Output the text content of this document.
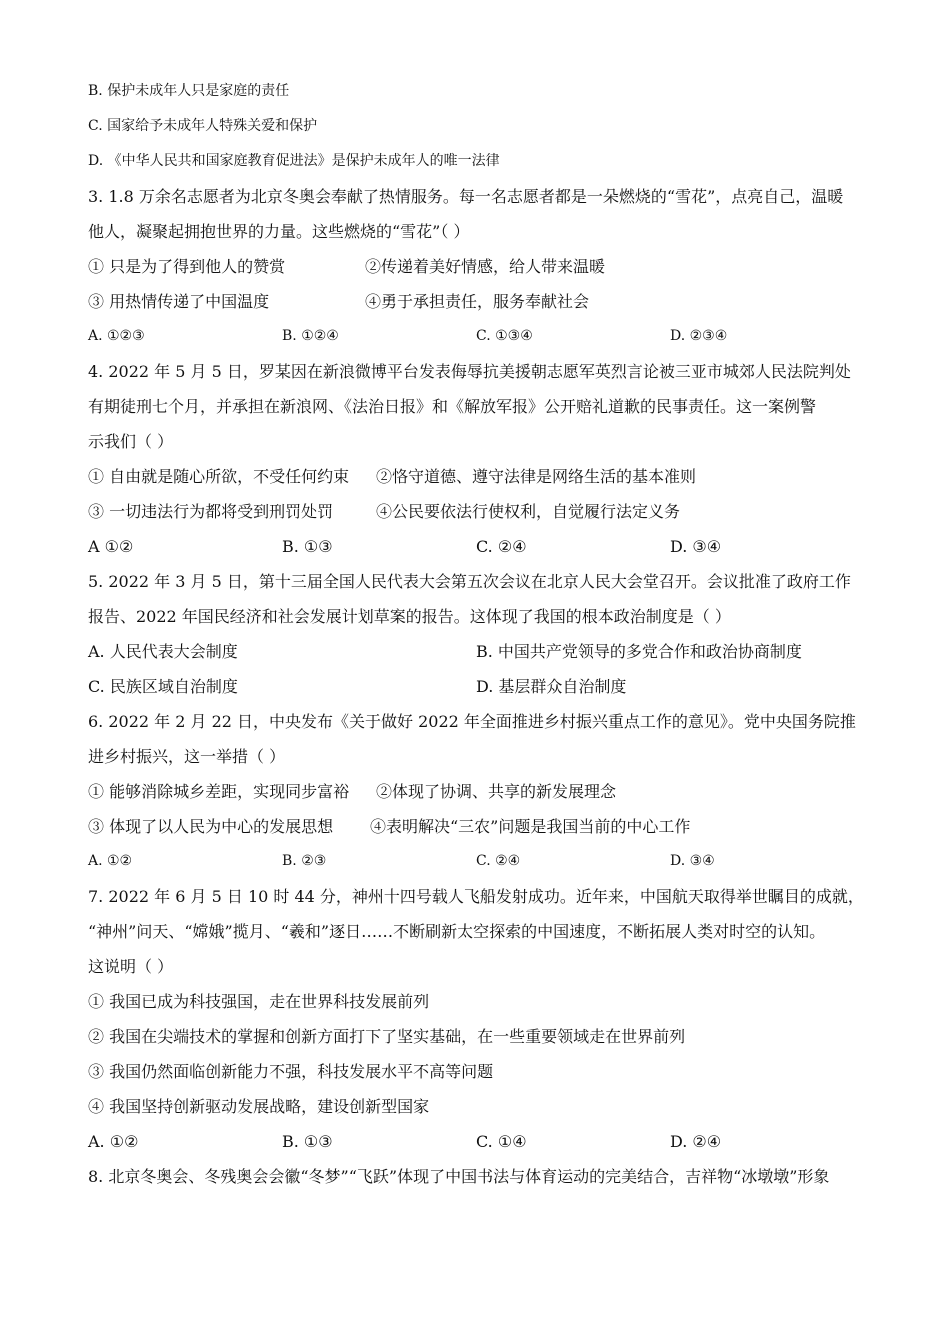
B. 保护未成年人只是家庭的责任
C. 国家给予未成年人特殊关爱和保护
D. 《中华人民共和国家庭教育促进法》是保护未成年人的唯一法律
3. 1.8 万余名志愿者为北京冬奥会奉献了热情服务。每一名志愿者都是一朵燃烧的“雪花”，点亮自己，温暖
他人，凝聚起拥抱世界的力量。这些燃烧的“雪花”（ ）
① 只是为了得到他人的赞赏	②传递着美好情感，给人带来温暖
③ 用热情传递了中国温度	④勇于承担责任，服务奉献社会
A. ①②③	B. ①②④	C. ①③④	D. ②③④
4. 2022 年 5 月 5 日，罗某因在新浪微博平台发表侮辱抗美援朝志愿军英烈言论被三亚市城郊人民法院判处
有期徒刑七个月，并承担在新浪网、《法治日报》和《解放军报》公开赔礼道歉的民事责任。这一案例警
示我们（ ）
① 自由就是随心所欲，不受任何约束 ②恪守道德、遵守法律是网络生活的基本准则
③ 一切违法行为都将受到刑罚处罚	④公民要依法行使权利，自觉履行法定义务
A ①②	B. ①③	C. ②④	D. ③④
5. 2022 年 3 月 5 日，第十三届全国人民代表大会第五次会议在北京人民大会堂召开。会议批准了政府工作
报告、2022 年国民经济和社会发展计划草案的报告。这体现了我国的根本政治制度是（ ）
A. 人民代表大会制度	B. 中国共产党领导的多党合作和政治协商制度
C. 民族区域自治制度	D. 基层群众自治制度
6. 2022 年 2 月 22 日，中央发布《关于做好 2022 年全面推进乡村振兴重点工作的意见》。党中央国务院推
进乡村振兴，这一举措（ ）
① 能够消除城乡差距，实现同步富裕 ②体现了协调、共享的新发展理念
③ 体现了以人民为中心的发展思想 ④表明解决“三农”问题是我国当前的中心工作
A. ①②	B. ②③	C. ②④	D. ③④
7. 2022 年 6 月 5 日 10 时 44 分，神州十四号载人飞船发射成功。近年来，中国航天取得举世瞩目的成就，
“神州”问天、“嫦娥”揽月、“羲和”逐日……不断刷新太空探索的中国速度，不断拓展人类对时空的认知。
这说明（ ）
① 我国已成为科技强国，走在世界科技发展前列
② 我国在尖端技术的掌握和创新方面打下了坚实基础，在一些重要领域走在世界前列
③ 我国仍然面临创新能力不强，科技发展水平不高等问题
④ 我国坚持创新驱动发展战略，建设创新型国家
A. ①②	B. ①③	C. ①④	D. ②④
8. 北京冬奥会、冬残奥会会徽“冬梦”“飞跃”体现了中国书法与体育运动的完美结合，吉祥物“冰墩墩”形象
